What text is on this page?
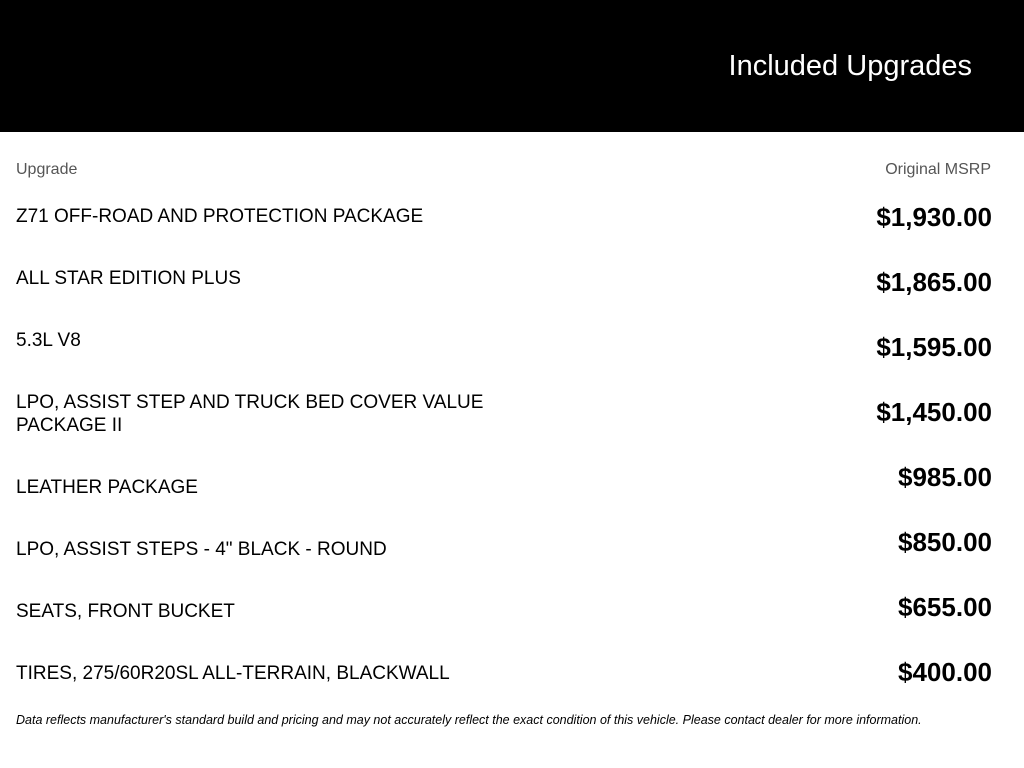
Included Upgrades
Upgrade	Original MSRP
Z71 OFF-ROAD AND PROTECTION PACKAGE	$1,930.00
ALL STAR EDITION PLUS	$1,865.00
5.3L V8	$1,595.00
LPO, ASSIST STEP AND TRUCK BED COVER VALUE PACKAGE II	$1,450.00
LEATHER PACKAGE	$985.00
LPO, ASSIST STEPS - 4" BLACK - ROUND	$850.00
SEATS, FRONT BUCKET	$655.00
TIRES, 275/60R20SL ALL-TERRAIN, BLACKWALL	$400.00
Data reflects manufacturer's standard build and pricing and may not accurately reflect the exact condition of this vehicle. Please contact dealer for more information.
